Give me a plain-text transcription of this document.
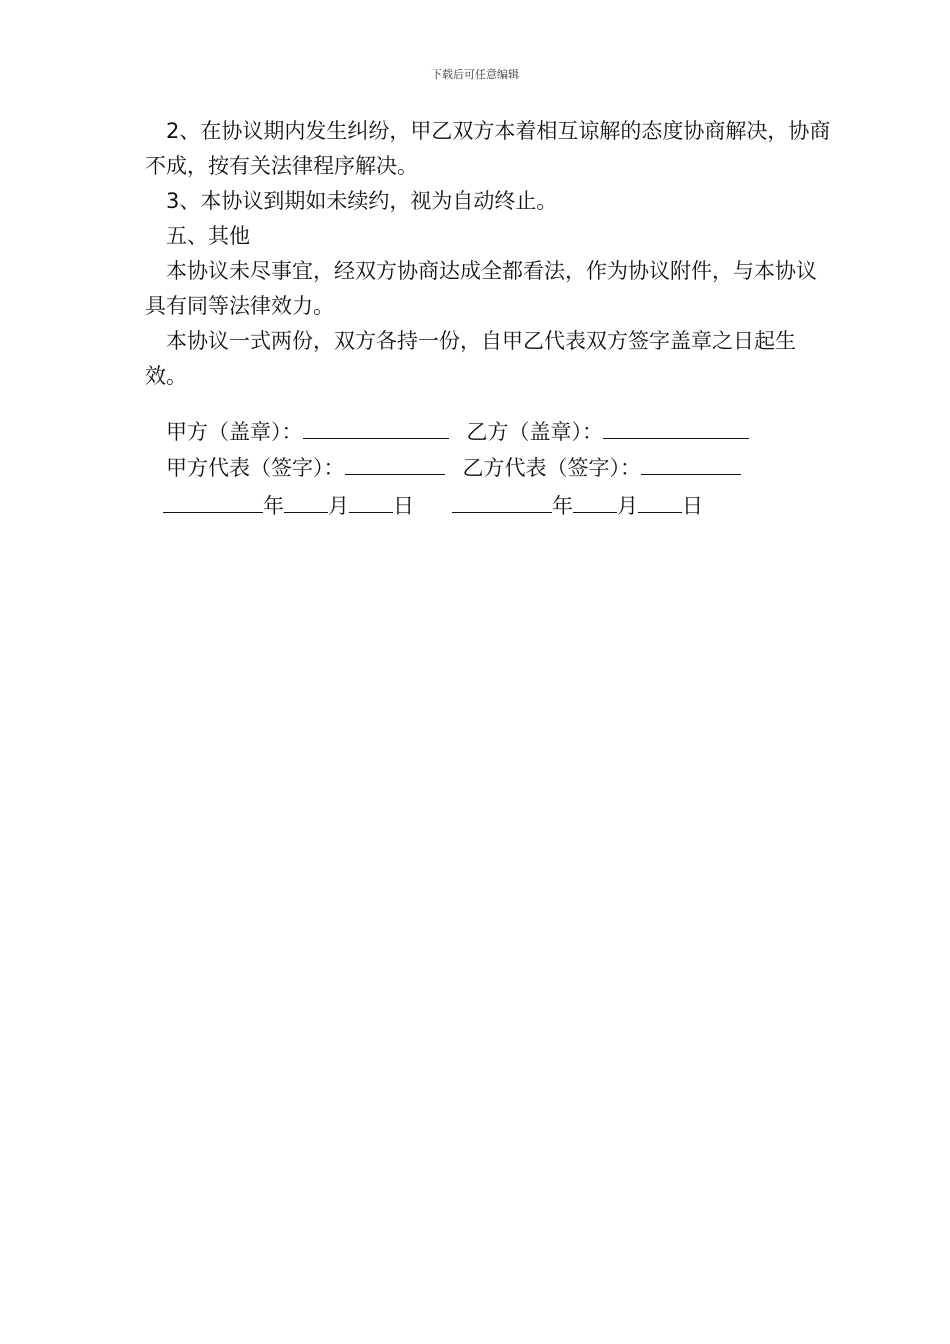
下载后可任意编辑

2、在协议期内发生纠纷，甲乙双方本着相互谅解的态度协商解决，协商不成，按有关法律程序解决。

3、本协议到期如未续约，视为自动终止。

五、其他

本协议未尽事宜，经双方协商达成全都看法，作为协议附件，与本协议具有同等法律效力。

本协议一式两份，双方各持一份，自甲乙代表双方签字盖章之日起生效。

甲方（盖章）：	乙方（盖章）：
甲方代表（签字）：	乙方代表（签字）：
年 月 日	年 月 日
